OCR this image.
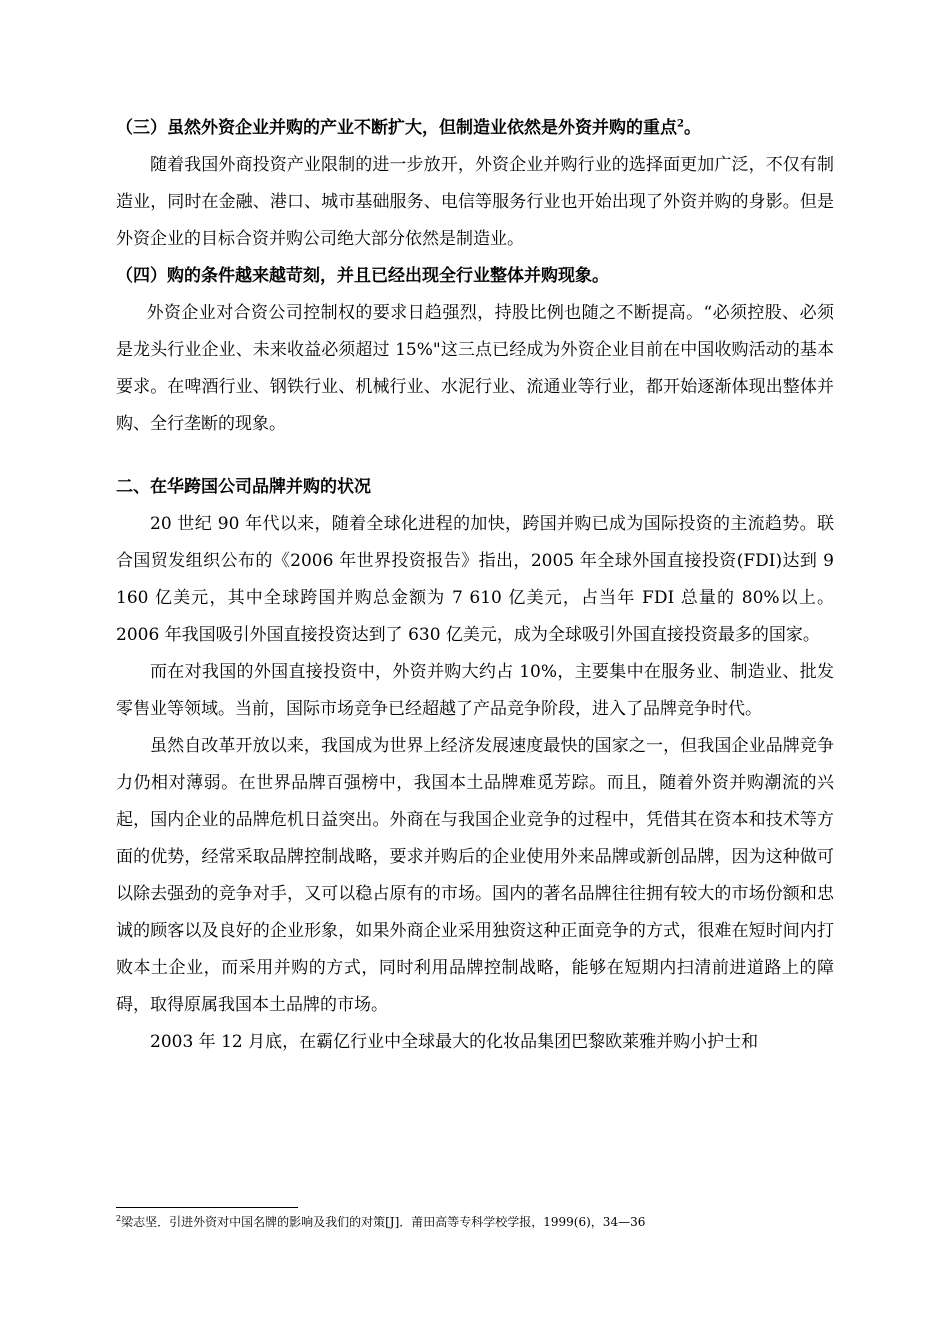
（三）虽然外资企业并购的产业不断扩大，但制造业依然是外资并购的重点$^2$。

随着我国外商投资产业限制的进一步放开，外资企业并购行业的选择面更加广泛，不仅有制造业，同时在金融、港口、城市基础服务、电信等服务行业也开始出现了外资并购的身影。但是外资企业的目标合资并购公司绝大部分依然是制造业。

（四）购的条件越来越苛刻，并且已经出现全行业整体并购现象。

外资企业对合资公司控制权的要求日趋强烈，持股比例也随之不断提高。“必须控股、必须是龙头行业企业、未来收益必须超过 15%"这三点已经成为外资企业目前在中国收购活动的基本要求。在啤酒行业、钢铁行业、机械行业、水泥行业、流通业等行业，都开始逐渐体现出整体并购、全行垄断的现象。

二、在华跨国公司品牌并购的状况

20 世纪 90 年代以来，随着全球化进程的加快，跨国并购已成为国际投资的主流趋势。联合国贸发组织公布的《2006 年世界投资报告》指出，2005 年全球外国直接投资(FDI)达到 9 160 亿美元，其中全球跨国并购总金额为 7 610 亿美元，占当年 FDI 总量的 80%以上。2006 年我国吸引外国直接投资达到了 630 亿美元，成为全球吸引外国直接投资最多的国家。

而在对我国的外国直接投资中，外资并购大约占 10%，主要集中在服务业、制造业、批发零售业等领域。当前，国际市场竞争已经超越了产品竞争阶段，进入了品牌竞争时代。

虽然自改革开放以来，我国成为世界上经济发展速度最快的国家之一，但我国企业品牌竞争力仍相对薄弱。在世界品牌百强榜中，我国本土品牌难觅芳踪。而且，随着外资并购潮流的兴起，国内企业的品牌危机日益突出。外商在与我国企业竞争的过程中，凭借其在资本和技术等方面的优势，经常采取品牌控制战略，要求并购后的企业使用外来品牌或新创品牌，因为这种做可以除去强劲的竞争对手，又可以稳占原有的市场。国内的著名品牌往往拥有较大的市场份额和忠诚的顾客以及良好的企业形象，如果外商企业采用独资这种正面竞争的方式，很难在短时间内打败本土企业，而采用并购的方式，同时利用品牌控制战略，能够在短期内扫清前进道路上的障碍，取得原属我国本土品牌的市场。

2003 年 12 月底，在霸亿行业中全球最大的化妆品集团巴黎欧莱雅并购小护士和

$^2$梁志坚．引进外资对中国名牌的影响及我们的对策[J]．莆田高等专科学校学报，1999(6)，34—36
